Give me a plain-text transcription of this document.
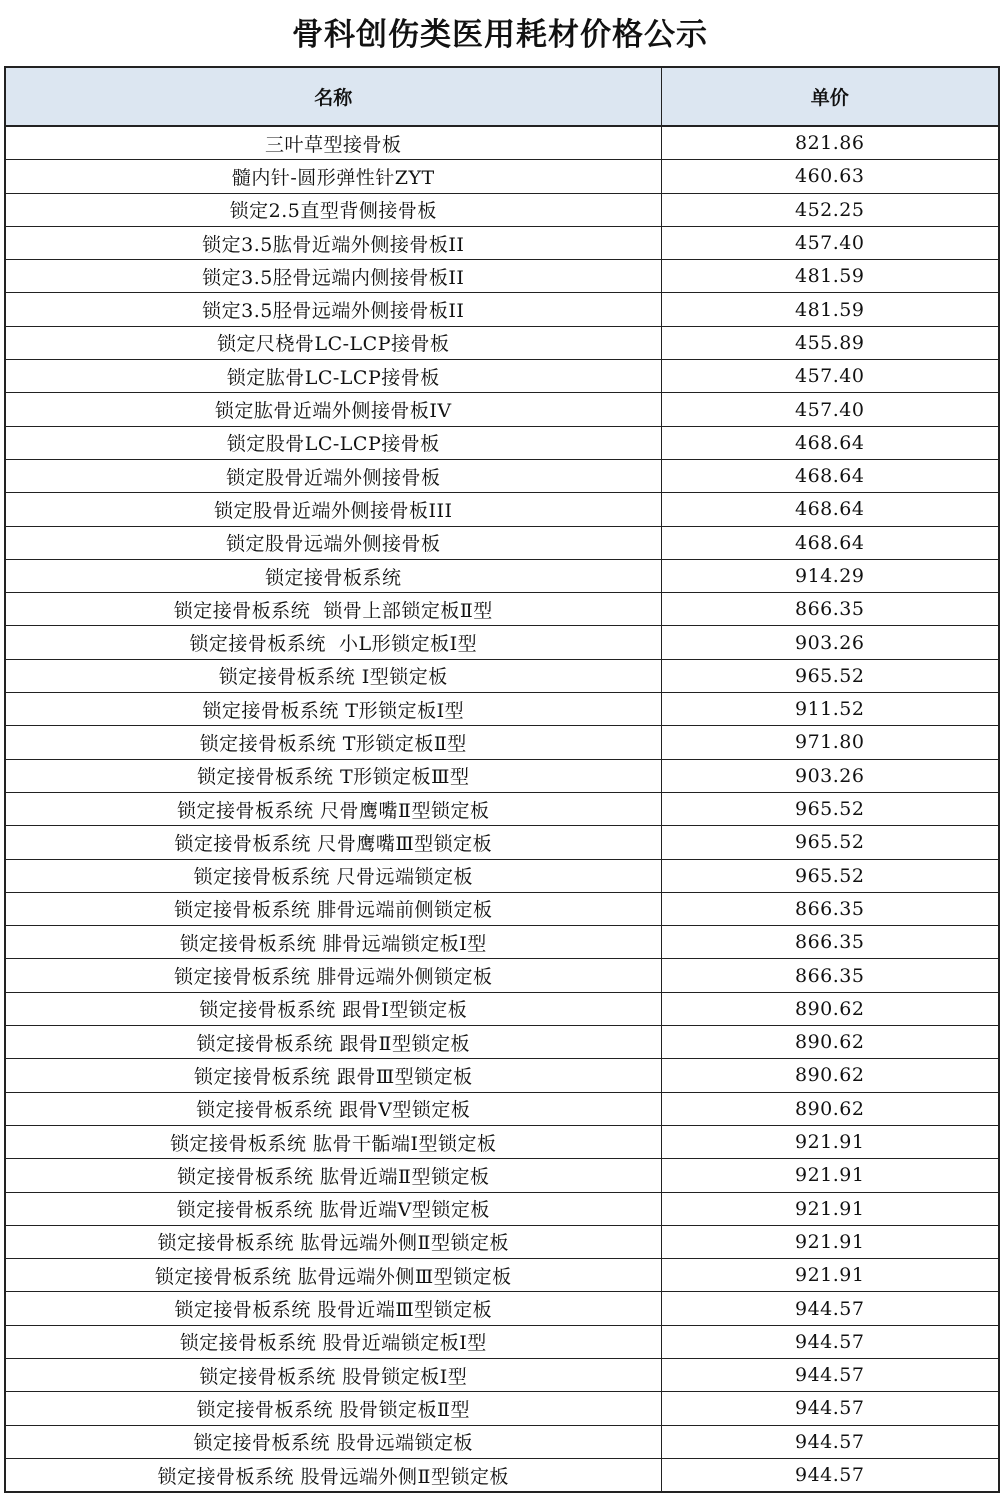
骨科创伤类医用耗材价格公示
名称	单价
三叶草型接骨板	821.86
髓内针-圆形弹性针ZYT	460.63
锁定2.5直型背侧接骨板	452.25
锁定3.5肱骨近端外侧接骨板II	457.40
锁定3.5胫骨远端内侧接骨板II	481.59
锁定3.5胫骨远端外侧接骨板II	481.59
锁定尺桡骨LC-LCP接骨板	455.89
锁定肱骨LC-LCP接骨板	457.40
锁定肱骨近端外侧接骨板IV	457.40
锁定股骨LC-LCP接骨板	468.64
锁定股骨近端外侧接骨板	468.64
锁定股骨近端外侧接骨板III	468.64
锁定股骨远端外侧接骨板	468.64
锁定接骨板系统	914.29
锁定接骨板系统  锁骨上部锁定板Ⅱ型	866.35
锁定接骨板系统  小L形锁定板Ⅰ型	903.26
锁定接骨板系统 Ⅰ型锁定板	965.52
锁定接骨板系统 T形锁定板Ⅰ型	911.52
锁定接骨板系统 T形锁定板Ⅱ型	971.80
锁定接骨板系统 T形锁定板Ⅲ型	903.26
锁定接骨板系统 尺骨鹰嘴Ⅱ型锁定板	965.52
锁定接骨板系统 尺骨鹰嘴Ⅲ型锁定板	965.52
锁定接骨板系统 尺骨远端锁定板	965.52
锁定接骨板系统 腓骨远端前侧锁定板	866.35
锁定接骨板系统 腓骨远端锁定板Ⅰ型	866.35
锁定接骨板系统 腓骨远端外侧锁定板	866.35
锁定接骨板系统 跟骨Ⅰ型锁定板	890.62
锁定接骨板系统 跟骨Ⅱ型锁定板	890.62
锁定接骨板系统 跟骨Ⅲ型锁定板	890.62
锁定接骨板系统 跟骨Ⅴ型锁定板	890.62
锁定接骨板系统 肱骨干骺端Ⅰ型锁定板	921.91
锁定接骨板系统 肱骨近端Ⅱ型锁定板	921.91
锁定接骨板系统 肱骨近端Ⅴ型锁定板	921.91
锁定接骨板系统 肱骨远端外侧Ⅱ型锁定板	921.91
锁定接骨板系统 肱骨远端外侧Ⅲ型锁定板	921.91
锁定接骨板系统 股骨近端Ⅲ型锁定板	944.57
锁定接骨板系统 股骨近端锁定板Ⅰ型	944.57
锁定接骨板系统 股骨锁定板Ⅰ型	944.57
锁定接骨板系统 股骨锁定板Ⅱ型	944.57
锁定接骨板系统 股骨远端锁定板	944.57
锁定接骨板系统 股骨远端外侧Ⅱ型锁定板	944.57
